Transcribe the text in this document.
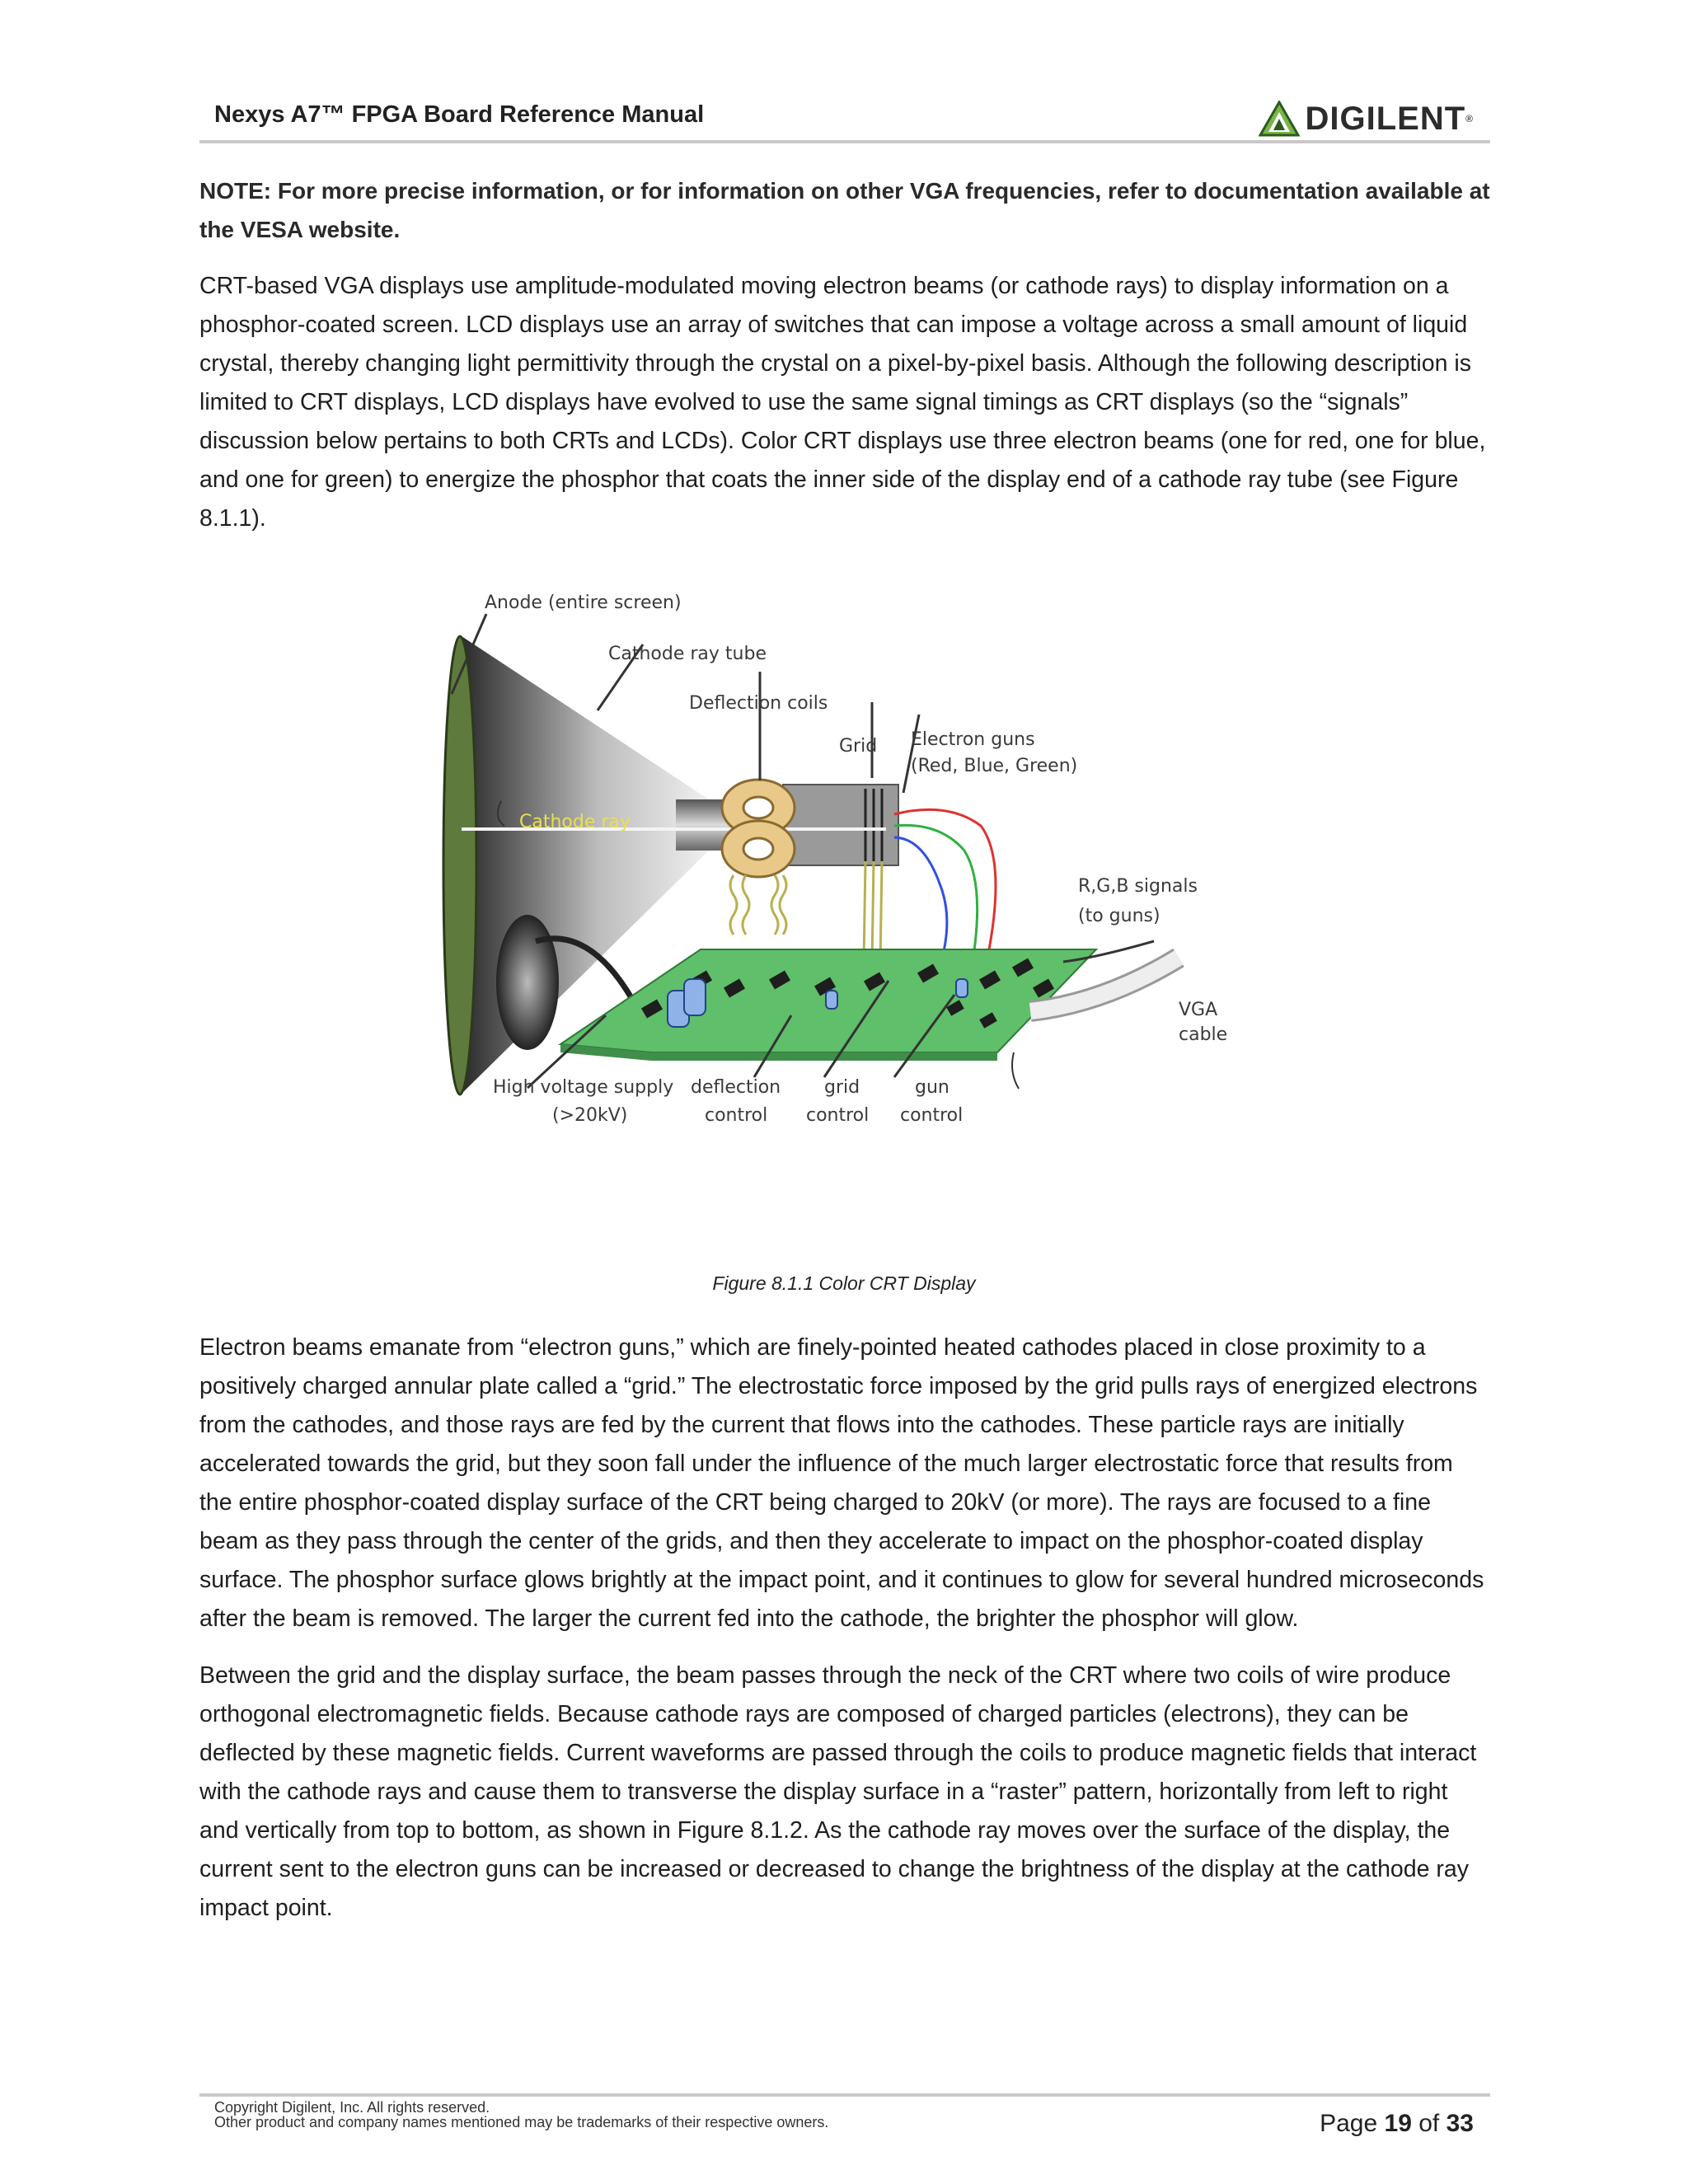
Nexys A7™ FPGA Board Reference Manual	DIGILENT®

NOTE: For more precise information, or for information on other VGA frequencies, refer to documentation available at the VESA website.

CRT-based VGA displays use amplitude-modulated moving electron beams (or cathode rays) to display information on a phosphor-coated screen. LCD displays use an array of switches that can impose a voltage across a small amount of liquid crystal, thereby changing light permittivity through the crystal on a pixel-by-pixel basis. Although the following description is limited to CRT displays, LCD displays have evolved to use the same signal timings as CRT displays (so the “signals” discussion below pertains to both CRTs and LCDs). Color CRT displays use three electron beams (one for red, one for blue, and one for green) to energize the phosphor that coats the inner side of the display end of a cathode ray tube (see Figure 8.1.1).

Anode (entire screen)
Cathode ray tube
Deflection coils
Grid Electron guns
(Red, Blue, Green)
Cathode ray
R,G,B signals
(to guns)
VGA
cable
High voltage supply
(>20kV)
deflection
control
grid
control
gun
control
Figure 8.1.1 Color CRT Display

Electron beams emanate from “electron guns,” which are finely-pointed heated cathodes placed in close proximity to a positively charged annular plate called a “grid.” The electrostatic force imposed by the grid pulls rays of energized electrons from the cathodes, and those rays are fed by the current that flows into the cathodes. These particle rays are initially accelerated towards the grid, but they soon fall under the influence of the much larger electrostatic force that results from the entire phosphor-coated display surface of the CRT being charged to 20kV (or more). The rays are focused to a fine beam as they pass through the center of the grids, and then they accelerate to impact on the phosphor-coated display surface. The phosphor surface glows brightly at the impact point, and it continues to glow for several hundred microseconds after the beam is removed. The larger the current fed into the cathode, the brighter the phosphor will glow.

Between the grid and the display surface, the beam passes through the neck of the CRT where two coils of wire produce orthogonal electromagnetic fields. Because cathode rays are composed of charged particles (electrons), they can be deflected by these magnetic fields. Current waveforms are passed through the coils to produce magnetic fields that interact with the cathode rays and cause them to transverse the display surface in a “raster” pattern, horizontally from left to right and vertically from top to bottom, as shown in Figure 8.1.2. As the cathode ray moves over the surface of the display, the current sent to the electron guns can be increased or decreased to change the brightness of the display at the cathode ray impact point.

Copyright Digilent, Inc. All rights reserved.
Other product and company names mentioned may be trademarks of their respective owners.	Page 19 of 33
